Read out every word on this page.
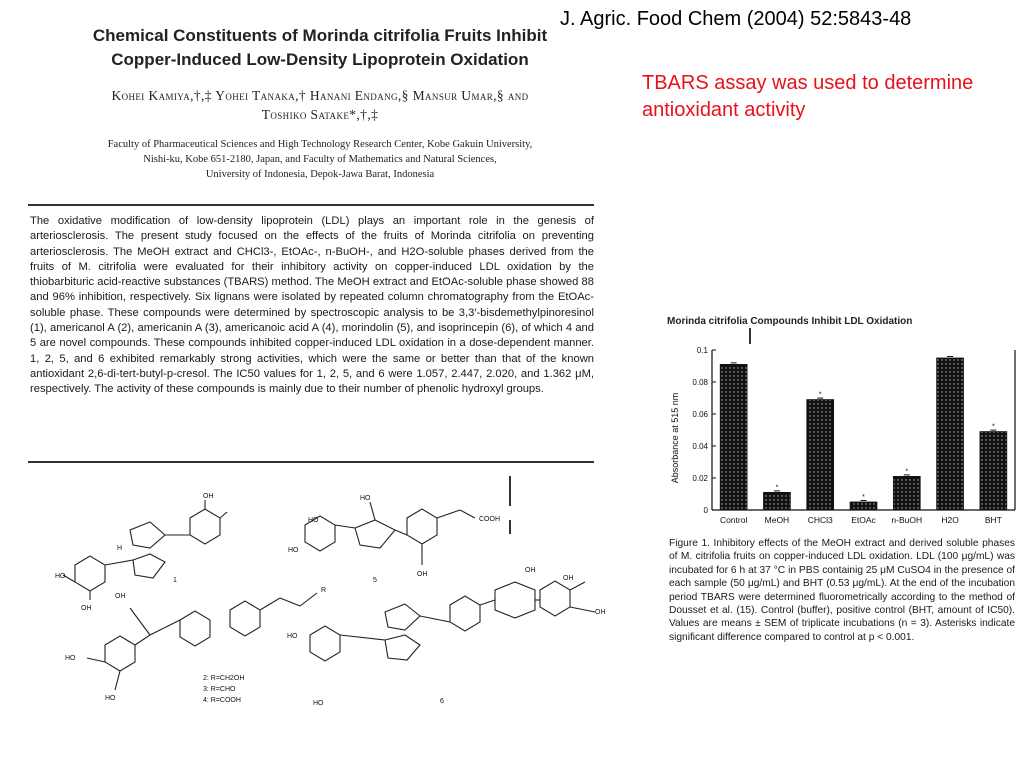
J. Agric. Food Chem (2004) 52:5843-48
TBARS assay was used to determine antioxidant activity
Chemical Constituents of Morinda citrifolia Fruits Inhibit
Copper-Induced Low-Density Lipoprotein Oxidation
Kohei Kamiya,†,‡ Yohei Tanaka,† Hanani Endang,§ Mansur Umar,§ and
Toshiko Satake*,†,‡
Faculty of Pharmaceutical Sciences and High Technology Research Center, Kobe Gakuin University,
Nishi-ku, Kobe 651-2180, Japan, and Faculty of Mathematics and Natural Sciences,
University of Indonesia, Depok-Jawa Barat, Indonesia
The oxidative modification of low-density lipoprotein (LDL) plays an important role in the genesis of arteriosclerosis. The present study focused on the effects of the fruits of Morinda citrifolia on preventing arteriosclerosis. The MeOH extract and CHCl3-, EtOAc-, n-BuOH-, and H2O-soluble phases derived from the fruits of M. citrifolia were evaluated for their inhibitory activity on copper-induced LDL oxidation by the thiobarbituric acid-reactive substances (TBARS) method. The MeOH extract and EtOAc-soluble phase showed 88 and 96% inhibition, respectively. Six lignans were isolated by repeated column chromatography from the EtOAc-soluble phase. These compounds were determined by spectroscopic analysis to be 3,3′-bisdemethylpinoresinol (1), americanol A (2), americanin A (3), americanoic acid A (4), morindolin (5), and isoprincepin (6), of which 4 and 5 are novel compounds. These compounds inhibited copper-induced LDL oxidation in a dose-dependent manner. 1, 2, 5, and 6 exhibited remarkably strong activities, which were the same or better than that of the known antioxidant 2,6-di-tert-butyl-p-cresol. The IC50 values for 1, 2, 5, and 6 were 1.057, 2.447, 2.020, and 1.362 μM, respectively. The activity of these compounds is mainly due to their number of phenolic hydroxyl groups.
OH
HO
OH
H
1
HO
HO
HO
COOH
5
OH
OH
R
HO
HO
2: R=CH2OH
3: R=CHO
4: R=COOH
HO
HO
OH
OH
OH
6
Morinda citrifolia Compounds Inhibit LDL Oxidation
Absorbance at 515 nm
0
0.02
0.04
0.06
0.08
0.1
Control MeOH CHCl3 EtOAc n-BuOH H2O	BHT
*
*
*
*
*
Figure 1. Inhibitory effects of the MeOH extract and derived soluble phases of M. citrifolia fruits on copper-induced LDL oxidation. LDL (100 μg/mL) was incubated for 6 h at 37 °C in PBS containig 25 μM CuSO4 in the presence of each sample (50 μg/mL) and BHT (0.53 μg/mL). At the end of the incubation period TBARS were determined fluorometrically according to the method of Dousset et al. (15). Control (buffer), positive control (BHT, amount of IC50). Values are means ± SEM of triplicate incubations (n = 3). Asterisks indicate significant difference compared to control at p < 0.001.
